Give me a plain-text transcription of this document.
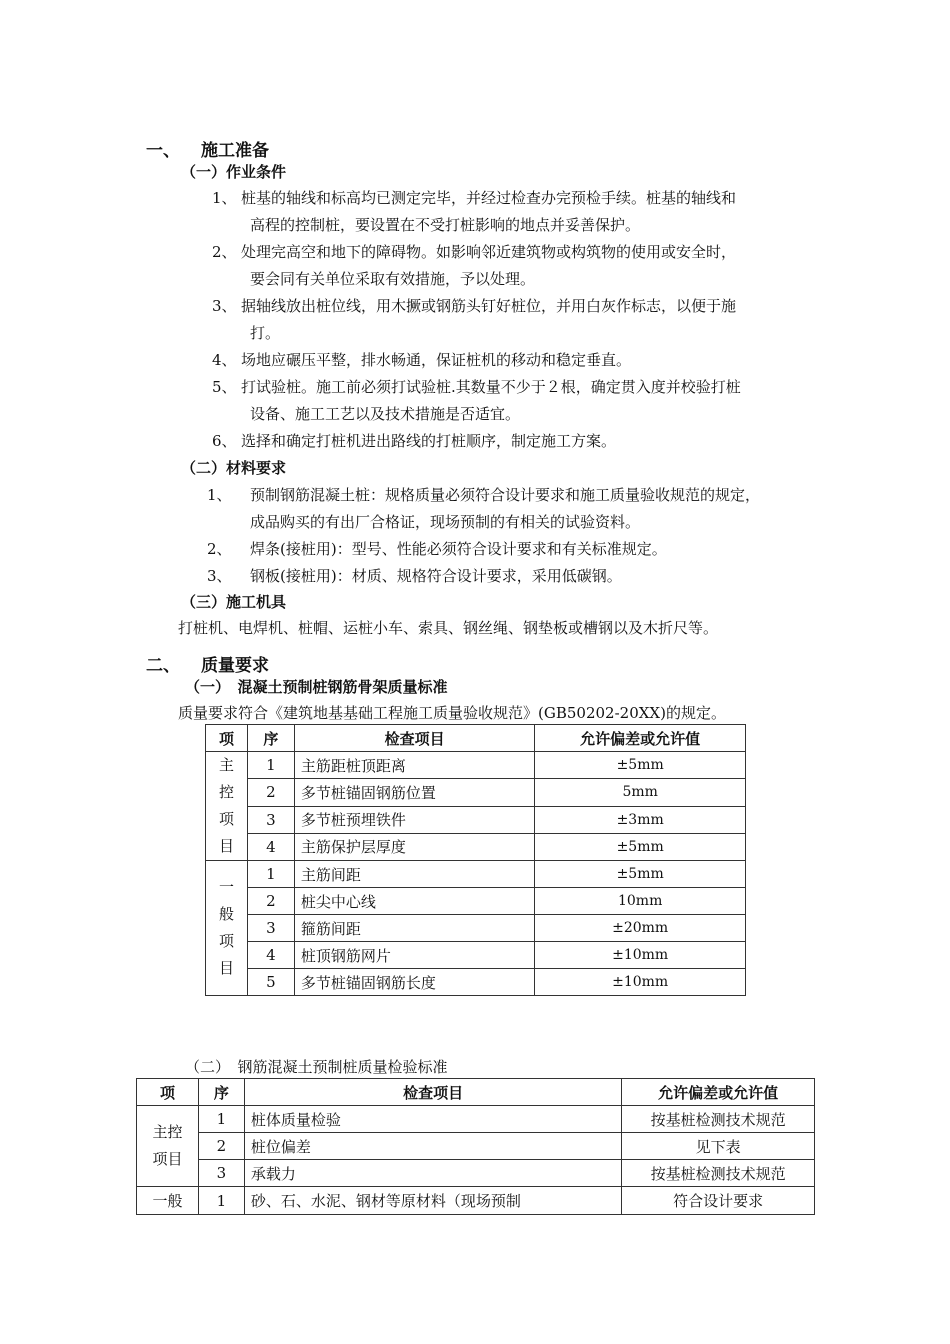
一、 施工准备
（一）作业条件
1、 桩基的轴线和标高均已测定完毕，并经过检查办完预检手续。桩基的轴线和
高程的控制桩，要设置在不受打桩影响的地点并妥善保护。
2、 处理完高空和地下的障碍物。如影响邻近建筑物或构筑物的使用或安全时，
要会同有关单位采取有效措施，予以处理。
3、 据轴线放出桩位线，用木撅或钢筋头钉好桩位，并用白灰作标志，以便于施
打。
4、 场地应碾压平整，排水畅通，保证桩机的移动和稳定垂直。
5、 打试验桩。施工前必须打试验桩.其数量不少于２根，确定贯入度并校验打桩
设备、施工工艺以及技术措施是否适宜。
6、 选择和确定打桩机进出路线的打桩顺序，制定施工方案。
（二）材料要求
1、 预制钢筋混凝土桩：规格质量必须符合设计要求和施工质量验收规范的规定，
成品购买的有出厂合格证，现场预制的有相关的试验资料。
2、 焊条(接桩用)：型号、性能必须符合设计要求和有关标准规定。
3、 钢板(接桩用)：材质、规格符合设计要求，采用低碳钢。
（三）施工机具
打桩机、电焊机、桩帽、运桩小车、索具、钢丝绳、钢垫板或槽钢以及木折尺等。
二、 质量要求
（一）　混凝土预制桩钢筋骨架质量标准
质量要求符合《建筑地基基础工程施工质量验收规范》(GB50202-20XX)的规定。
项	序	检查项目	允许偏差或允许值

主
控
项
目	1	主筋距桩顶距离	±5mm
	2	多节桩锚固钢筋位置	5mm
	3	多节桩预埋铁件	±3mm
	4	主筋保护层厚度	±5mm

一
般
项
目	1	主筋间距	±5mm
	2	桩尖中心线	10mm
	3	箍筋间距	±20mm
	4	桩顶钢筋网片	±10mm
	5	多节桩锚固钢筋长度	±10mm
（二）　钢筋混凝土预制桩质量检验标准
项	序	检查项目	允许偏差或允许值

主控
项目	1	桩体质量检验	按基桩检测技术规范
	2	桩位偏差	见下表
	3	承载力	按基桩检测技术规范
一般	1	砂、石、水泥、钢材等原材料（现场预制	符合设计要求
